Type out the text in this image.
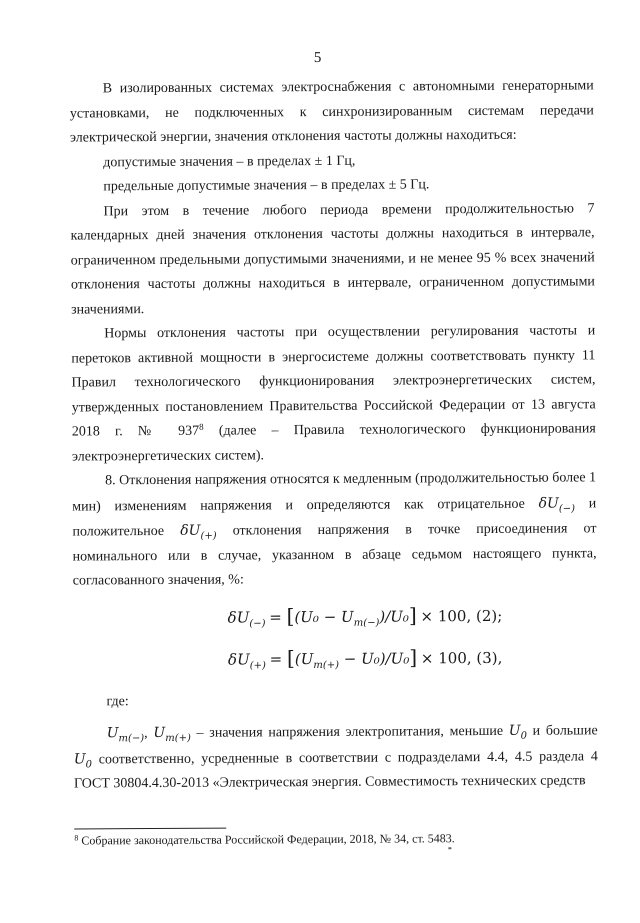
5

В изолированных системах электроснабжения с автономными генераторными установками, не подключенных к синхронизированным системам передачи электрической энергии, значения отклонения частоты должны находиться:

допустимые значения – в пределах ± 1 Гц,

предельные допустимые значения – в пределах ± 5 Гц.

При этом в течение любого периода времени продолжительностью 7 календарных дней значения отклонения частоты должны находиться в интервале, ограниченном предельными допустимыми значениями, и не менее 95 % всех значений отклонения частоты должны находиться в интервале, ограниченном допустимыми значениями.

Нормы отклонения частоты при осуществлении регулирования частоты и перетоков активной мощности в энергосистеме должны соответствовать пункту 11 Правил технологического функционирования электроэнергетических систем, утвержденных постановлением Правительства Российской Федерации от 13 августа 2018 г. № $937^8$ (далее – Правила технологического функционирования электроэнергетических систем).

8. Отклонения напряжения относятся к медленным (продолжительностью более 1 мин) изменениям напряжения и определяются как отрицательное $\delta U_{(-)}$ и положительное $\delta U_{(+)}$ отклонения напряжения в точке присоединения от номинального или в случае, указанном в абзаце седьмом настоящего пункта, согласованного значения, %:

$\delta U_{(-)} = [(U_0 - U_{m(-)})/U_0] \times 100$, (2);
$\delta U_{(+)} = [(U_{m(+)} - U_0)/U_0] \times 100$, (3),

где:

$U_{m(-)}$, $U_{m(+)}$ – значения напряжения электропитания, меньшие $U_0$ и большие $U_0$ соответственно, усредненные в соответствии с подразделами 4.4, 4.5 раздела 4 ГОСТ 30804.4.30-2013 «Электрическая энергия. Совместимость технических средств

$^8$ Собрание законодательства Российской Федерации, 2018, № 34, ст. 5483.
